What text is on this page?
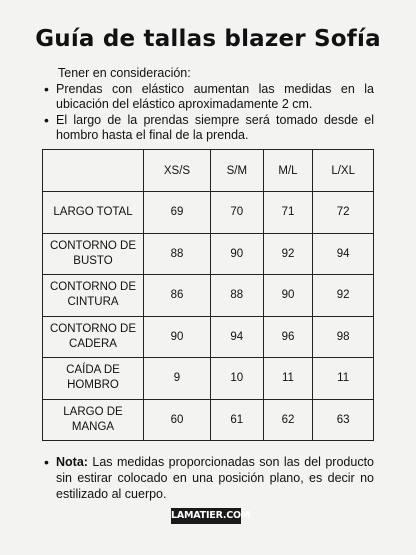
Guía de tallas blazer Sofía

Tener en consideración:

• Prendas con elástico aumentan las medidas en la ubicación del elástico aproximadamente 2 cm.
• El largo de la prendas siempre será tomado desde el hombro hasta el final de la prenda.
	XS/S	S/M	M/L	L/XL
LARGO TOTAL	69	70	71	72
CONTORNO DE BUSTO	88	90	92	94
CONTORNO DE CINTURA	86	88	90	92
CONTORNO DE CADERA	90	94	96	98
CAÍDA DE HOMBRO	9	10	11	11
LARGO DE MANGA	60	61	62	63
• Nota: Las medidas proporcionadas son las del producto sin estirar colocado en una posición plano, es decir no estilizado al cuerpo.
LAMATIER.COM
